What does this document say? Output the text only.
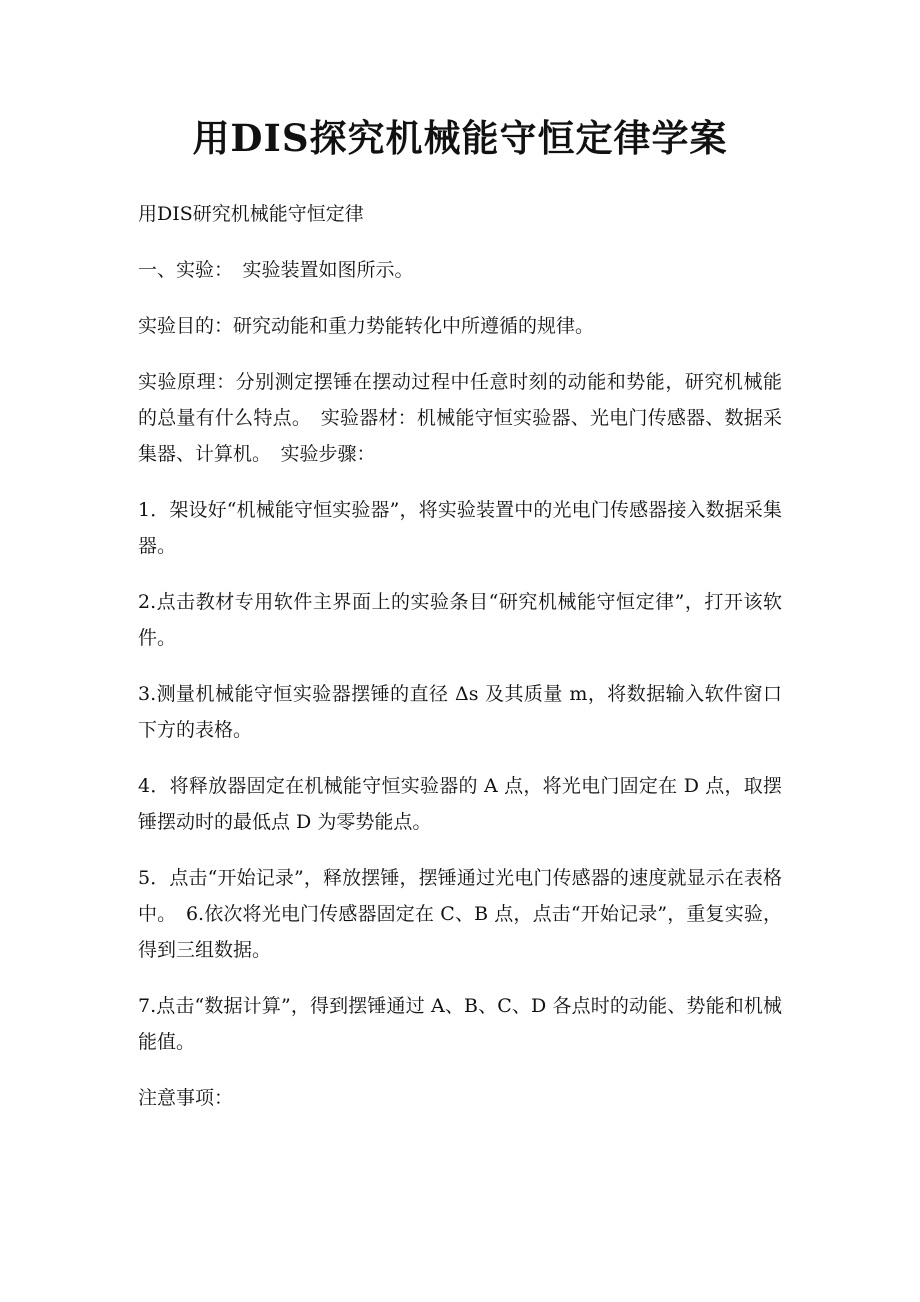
用DIS探究机械能守恒定律学案

用DIS研究机械能守恒定律

一、实验：　实验装置如图所示。

实验目的：研究动能和重力势能转化中所遵循的规律。

实验原理：分别测定摆锤在摆动过程中任意时刻的动能和势能，研究机械能的总量有什么特点。　实验器材：机械能守恒实验器、光电门传感器、数据采集器、计算机。　实验步骤：

1．架设好“机械能守恒实验器”，将实验装置中的光电门传感器接入数据采集器。

2.点击教材专用软件主界面上的实验条目“研究机械能守恒定律”，打开该软件。

3.测量机械能守恒实验器摆锤的直径 Δs 及其质量 m，将数据输入软件窗口下方的表格。

4．将释放器固定在机械能守恒实验器的 A 点，将光电门固定在 D 点，取摆锤摆动时的最低点 D 为零势能点。

5．点击“开始记录”，释放摆锤，摆锤通过光电门传感器的速度就显示在表格中。　6.依次将光电门传感器固定在 C、B 点，点击“开始记录”，重复实验，得到三组数据。

7.点击“数据计算”，得到摆锤通过 A、B、C、D 各点时的动能、势能和机械能值。

注意事项：
